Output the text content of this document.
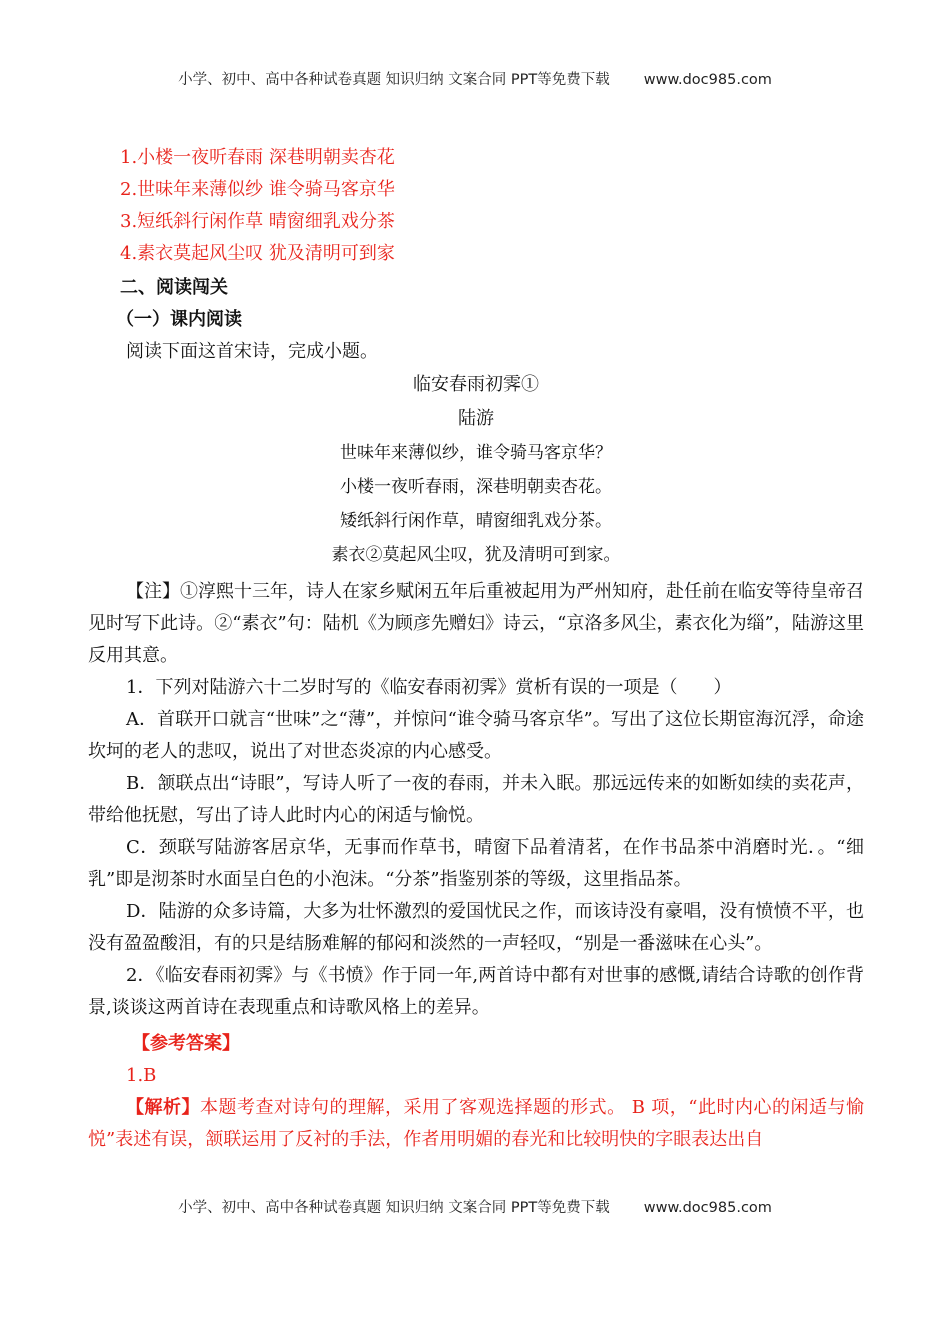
小学、初中、高中各种试卷真题 知识归纳 文案合同 PPT等免费下载 www.doc985.com
1.小楼一夜听春雨 深巷明朝卖杏花
2.世味年来薄似纱 谁令骑马客京华
3.短纸斜行闲作草 晴窗细乳戏分茶
4.素衣莫起风尘叹 犹及清明可到家
二、阅读闯关
（一）课内阅读
阅读下面这首宋诗，完成小题。
临安春雨初霁①
陆游
世味年来薄似纱，谁令骑马客京华？
小楼一夜听春雨，深巷明朝卖杏花。
矮纸斜行闲作草，晴窗细乳戏分茶。
素衣②莫起风尘叹，犹及清明可到家。

【注】①淳熙十三年，诗人在家乡赋闲五年后重被起用为严州知府，赴任前在临安等待皇帝召见时写下此诗。②“素衣”句：陆机《为顾彦先赠妇》诗云，“京洛多风尘，素衣化为缁”，陆游这里反用其意。

1．下列对陆游六十二岁时写的《临安春雨初霁》赏析有误的一项是（　　）

A．首联开口就言“世味”之“薄”，并惊问“谁令骑马客京华”。写出了这位长期宦海沉浮，命途坎坷的老人的悲叹，说出了对世态炎凉的内心感受。

B．颔联点出“诗眼”，写诗人听了一夜的春雨，并未入眠。那远远传来的如断如续的卖花声，带给他抚慰，写出了诗人此时内心的闲适与愉悦。

C．颈联写陆游客居京华，无事而作草书，晴窗下品着清茗，在作书品茶中消磨时光．。“细乳”即是沏茶时水面呈白色的小泡沫。“分茶”指鉴别茶的等级，这里指品茶。

D．陆游的众多诗篇，大多为壮怀激烈的爱国忧民之作，而该诗没有豪唱，没有愤愤不平，也没有盈盈酸泪，有的只是结肠难解的郁闷和淡然的一声轻叹，“别是一番滋味在心头”。

2．《临安春雨初霁》与《书愤》作于同一年,两首诗中都有对世事的感慨,请结合诗歌的创作背景,谈谈这两首诗在表现重点和诗歌风格上的差异。

【参考答案】
1.B

【解析】本题考查对诗句的理解，采用了客观选择题的形式。 B 项，“此时内心的闲适与愉悦”表述有误，颔联运用了反衬的手法，作者用明媚的春光和比较明快的字眼表达出自

小学、初中、高中各种试卷真题 知识归纳 文案合同 PPT等免费下载 www.doc985.com
